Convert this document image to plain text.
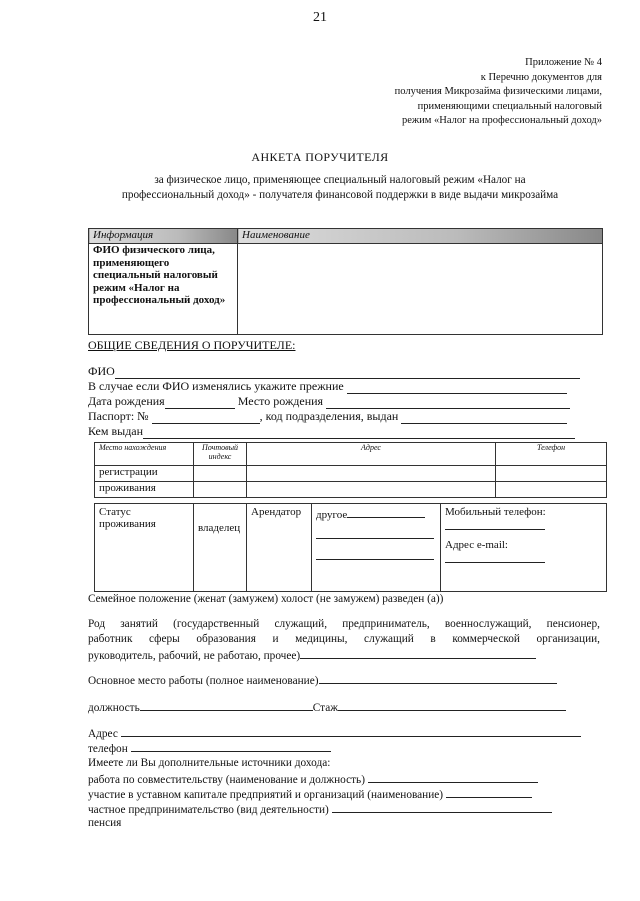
21
Приложение № 4
к Перечню документов для
получения Микрозайма физическими лицами,
применяющими специальный налоговый
режим «Налог на профессиональный доход»
АНКЕТА ПОРУЧИТЕЛЯ
за физическое лицо, применяющее специальный налоговый режим «Налог на
профессиональный доход» - получателя финансовой поддержки в виде выдачи микрозайма
Информация	Наименование
ФИО физического лица, применяющего специальный налоговый режим «Налог на профессиональный доход»	
ОБЩИЕ СВЕДЕНИЯ О ПОРУЧИТЕЛЕ:
ФИО
В случае если ФИО изменялись укажите прежние

Дата рождения
	Место рождения

Паспорт: №
	, код подразделения, выдан

Кем выдан
Место нахождения	Почтовый индекс	Адрес	Телефон
регистрации			
проживания			
Статус проживания	владелец	Арендатор	другое	Мобильный телефон:

Адрес e-mail:

Семейное положение (женат (замужем) холост (не замужем) разведен (а))
Род занятий (государственный служащий, предприниматель, военнослужащий, пенсионер,
работник сферы образования и медицины, служащий в коммерческой организации,
руководитель, рабочий, не работаю, прочее)
Основное место работы (полное наименование)
должность	Стаж
Адрес
телефон
Имеете ли Вы дополнительные источники дохода:
работа по совместительству (наименование и должность)
участие в уставном капитале предприятий и организаций (наименование)
частное предпринимательство (вид деятельности)
пенсия
